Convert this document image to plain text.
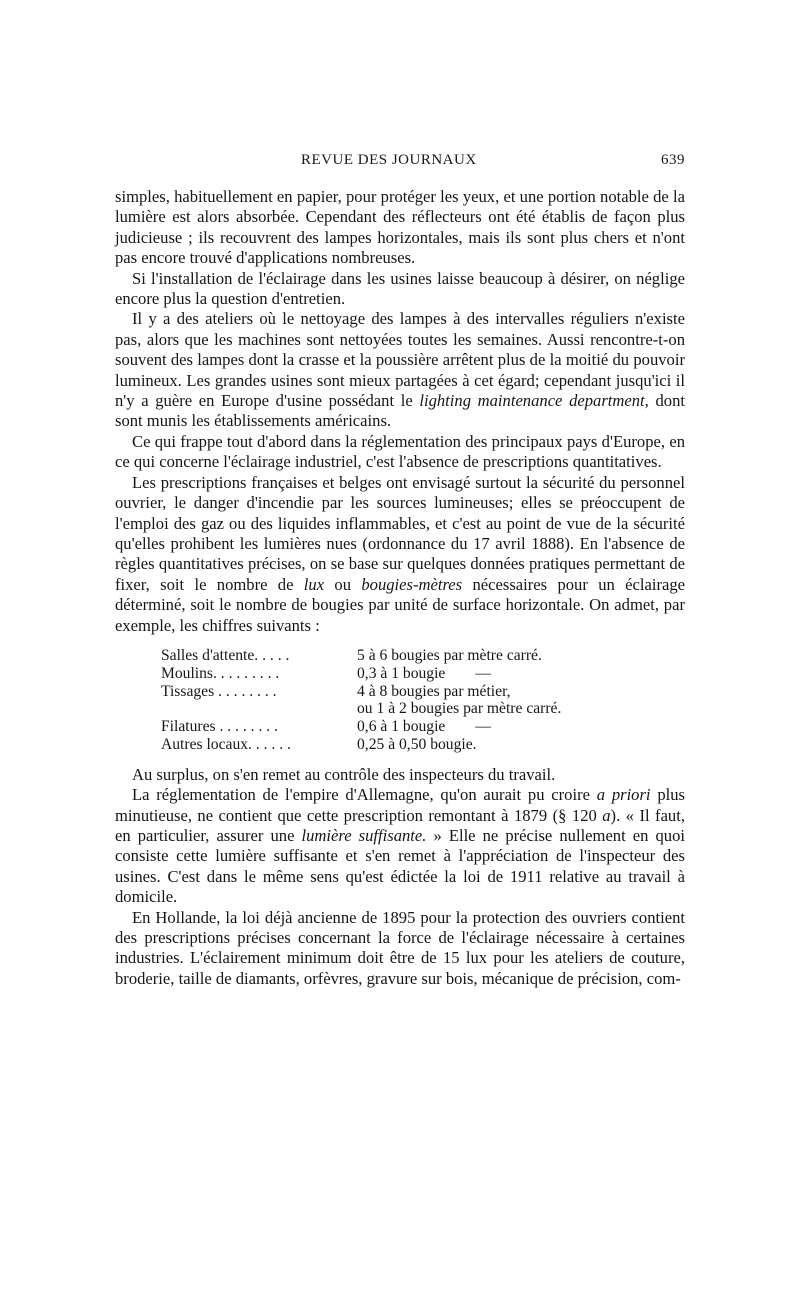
REVUE DES JOURNAUX	639

simples, habituellement en papier, pour protéger les yeux, et une portion notable de la lumière est alors absorbée. Cependant des réflecteurs ont été établis de façon plus judicieuse ; ils recouvrent des lampes horizontales, mais ils sont plus chers et n'ont pas encore trouvé d'applications nombreuses.

Si l'installation de l'éclairage dans les usines laisse beaucoup à désirer, on néglige encore plus la question d'entretien.

Il y a des ateliers où le nettoyage des lampes à des intervalles réguliers n'existe pas, alors que les machines sont nettoyées toutes les semaines. Aussi rencontre-t-on souvent des lampes dont la crasse et la poussière arrêtent plus de la moitié du pouvoir lumineux. Les grandes usines sont mieux partagées à cet égard; cependant jusqu'ici il n'y a guère en Europe d'usine possédant le lighting maintenance department, dont sont munis les établissements américains.

Ce qui frappe tout d'abord dans la réglementation des principaux pays d'Europe, en ce qui concerne l'éclairage industriel, c'est l'absence de prescriptions quantitatives.

Les prescriptions françaises et belges ont envisagé surtout la sécurité du personnel ouvrier, le danger d'incendie par les sources lumineuses; elles se préoccupent de l'emploi des gaz ou des liquides inflammables, et c'est au point de vue de la sécurité qu'elles prohibent les lumières nues (ordonnance du 17 avril 1888). En l'absence de règles quantitatives précises, on se base sur quelques données pratiques permettant de fixer, soit le nombre de lux ou bougies-mètres nécessaires pour un éclairage déterminé, soit le nombre de bougies par unité de surface horizontale. On admet, par exemple, les chiffres suivants :

Salles d'attente. . . . .	5 à 6 bougies par mètre carré.
Moulins. . . . . . . . .	0,3 à 1 bougie —
Tissages . . . . . . . .	4 à 8 bougies par métier,
ou 1 à 2 bougies par mètre carré.
Filatures . . . . . . . .	0,6 à 1 bougie —
Autres locaux. . . . . .	0,25 à 0,50 bougie.

Au surplus, on s'en remet au contrôle des inspecteurs du travail.

La réglementation de l'empire d'Allemagne, qu'on aurait pu croire a priori plus minutieuse, ne contient que cette prescription remontant à 1879 (§ 120 a). « Il faut, en particulier, assurer une lumière suffisante. » Elle ne précise nullement en quoi consiste cette lumière suffisante et s'en remet à l'appréciation de l'inspecteur des usines. C'est dans le même sens qu'est édictée la loi de 1911 relative au travail à domicile.

En Hollande, la loi déjà ancienne de 1895 pour la protection des ouvriers contient des prescriptions précises concernant la force de l'éclairage nécessaire à certaines industries. L'éclairement minimum doit être de 15 lux pour les ateliers de couture, broderie, taille de diamants, orfèvres, gravure sur bois, mécanique de précision, com-
